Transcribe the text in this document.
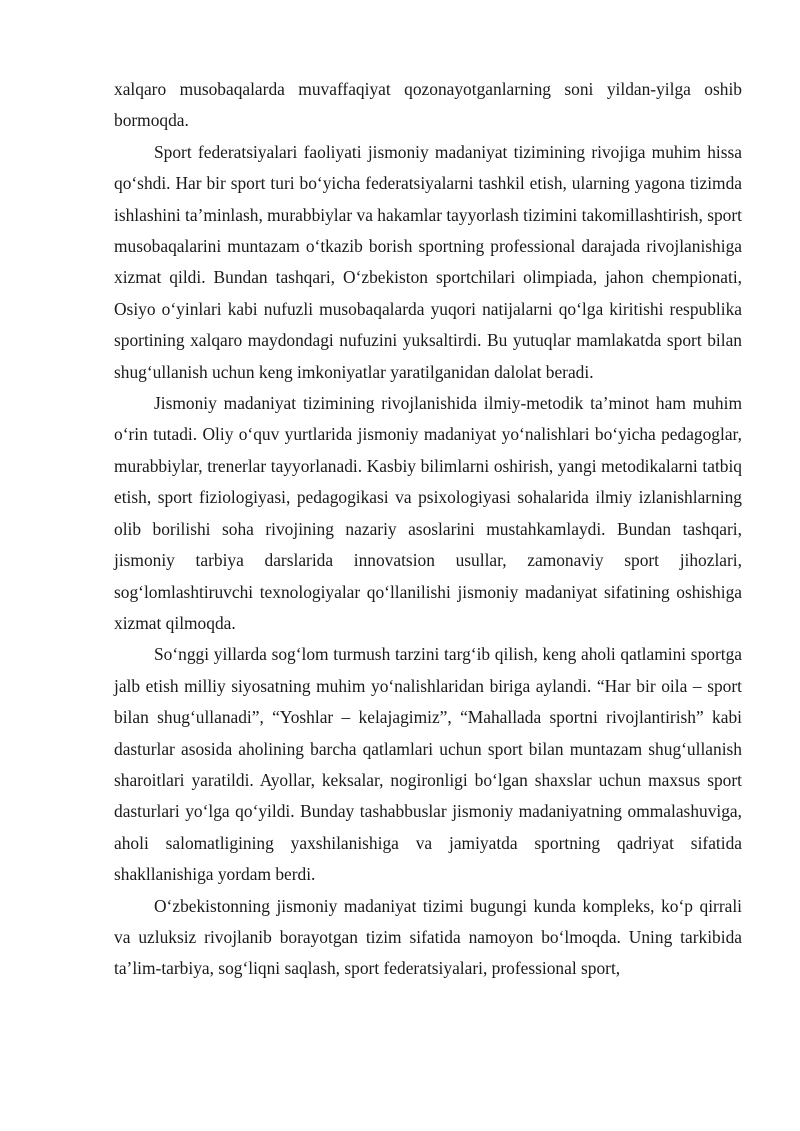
xalqaro musobaqalarda muvaffaqiyat qozonayotganlarning soni yildan-yilga oshib bormoqda.

Sport federatsiyalari faoliyati jismoniy madaniyat tizimining rivojiga muhim hissa qo‘shdi. Har bir sport turi bo‘yicha federatsiyalarni tashkil etish, ularning yagona tizimda ishlashini ta’minlash, murabbiylar va hakamlar tayyorlash tizimini takomillashtirish, sport musobaqalarini muntazam o‘tkazib borish sportning professional darajada rivojlanishiga xizmat qildi. Bundan tashqari, O‘zbekiston sportchilari olimpiada, jahon chempionati, Osiyo o‘yinlari kabi nufuzli musobaqalarda yuqori natijalarni qo‘lga kiritishi respublika sportining xalqaro maydondagi nufuzini yuksaltirdi. Bu yutuqlar mamlakatda sport bilan shug‘ullanish uchun keng imkoniyatlar yaratilganidan dalolat beradi.

Jismoniy madaniyat tizimining rivojlanishida ilmiy-metodik ta’minot ham muhim o‘rin tutadi. Oliy o‘quv yurtlarida jismoniy madaniyat yo‘nalishlari bo‘yicha pedagoglar, murabbiylar, trenerlar tayyorlanadi. Kasbiy bilimlarni oshirish, yangi metodikalarni tatbiq etish, sport fiziologiyasi, pedagogikasi va psixologiyasi sohalarida ilmiy izlanishlarning olib borilishi soha rivojining nazariy asoslarini mustahkamlaydi. Bundan tashqari, jismoniy tarbiya darslarida innovatsion usullar, zamonaviy sport jihozlari, sog‘lomlashtiruvchi texnologiyalar qo‘llanilishi jismoniy madaniyat sifatining oshishiga xizmat qilmoqda.

So‘nggi yillarda sog‘lom turmush tarzini targ‘ib qilish, keng aholi qatlamini sportga jalb etish milliy siyosatning muhim yo‘nalishlaridan biriga aylandi. “Har bir oila – sport bilan shug‘ullanadi”, “Yoshlar – kelajagimiz”, “Mahallada sportni rivojlantirish” kabi dasturlar asosida aholining barcha qatlamlari uchun sport bilan muntazam shug‘ullanish sharoitlari yaratildi. Ayollar, keksalar, nogironligi bo‘lgan shaxslar uchun maxsus sport dasturlari yo‘lga qo‘yildi. Bunday tashabbuslar jismoniy madaniyatning ommalashuviga, aholi salomatligining yaxshilanishiga va jamiyatda sportning qadriyat sifatida shakllanishiga yordam berdi.

O‘zbekistonning jismoniy madaniyat tizimi bugungi kunda kompleks, ko‘p qirrali va uzluksiz rivojlanib borayotgan tizim sifatida namoyon bo‘lmoqda. Uning tarkibida ta’lim-tarbiya, sog‘liqni saqlash, sport federatsiyalari, professional sport,
